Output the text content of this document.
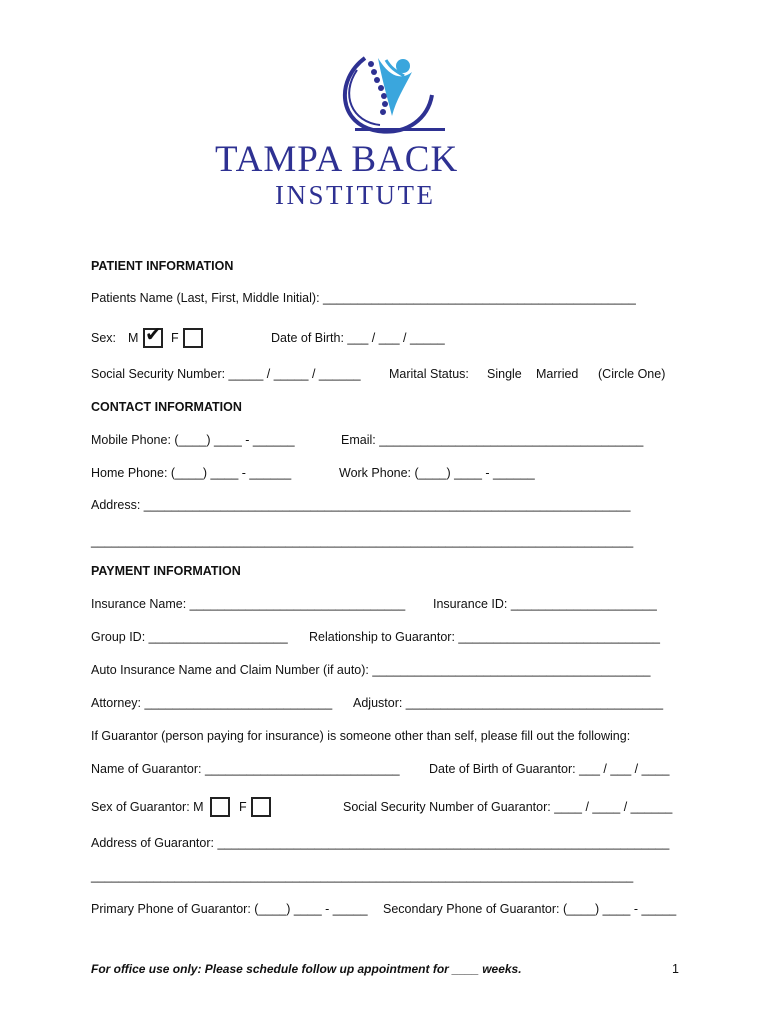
TAMPA BACK
INSTITUTE
PATIENT INFORMATION
Patients Name (Last, First, Middle Initial): _____________________________________________
Sex: M ✔ F	Date of Birth: ___ / ___ / _____
Social Security Number: _____ / _____ / ______ Marital Status: Single Married (Circle One)
CONTACT INFORMATION
Mobile Phone: (____) ____ - ______	Email: ______________________________________
Home Phone: (____) ____ - ______	Work Phone: (____) ____ - ______
Address: ______________________________________________________________________
______________________________________________________________________________
PAYMENT INFORMATION
Insurance Name: _______________________________ Insurance ID: _____________________
Group ID: ____________________ Relationship to Guarantor: _____________________________
Auto Insurance Name and Claim Number (if auto): ________________________________________
Attorney: ___________________________ Adjustor: _____________________________________
If Guarantor (person paying for insurance) is someone other than self, please fill out the following:
Name of Guarantor: ____________________________ Date of Birth of Guarantor: ___ / ___ / ____
Sex of Guarantor: M	F	Social Security Number of Guarantor: ____ / ____ / ______
Address of Guarantor: _________________________________________________________________
______________________________________________________________________________
Primary Phone of Guarantor: (____) ____ - _____ Secondary Phone of Guarantor: (____) ____ - _____
For office use only: Please schedule follow up appointment for ____ weeks.	1
